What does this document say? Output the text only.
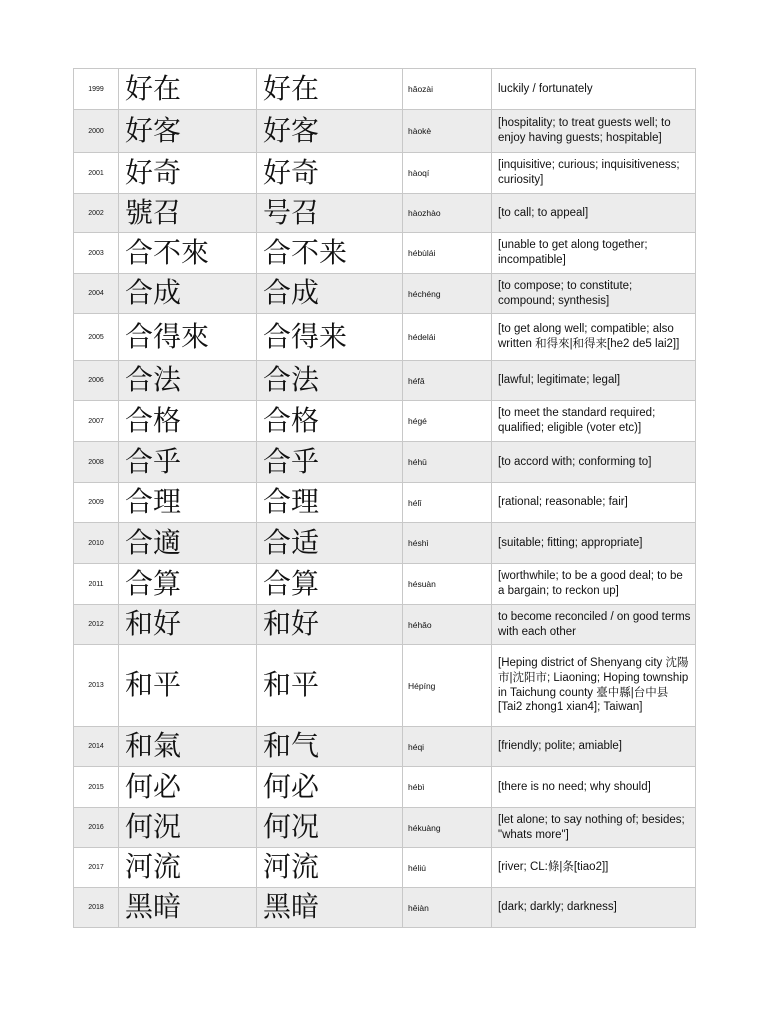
1999	好在	好在	hǎozài	luckily / fortunately
2000	好客	好客	hàokè	[hospitality; to treat guests well; to enjoy having guests; hospitable]
2001	好奇	好奇	hàoqí	[inquisitive; curious; inquisitiveness; curiosity]
2002	號召	号召	hàozhào	[to call; to appeal]
2003	合不來	合不来	hébùlái	[unable to get along together; incompatible]
2004	合成	合成	héchéng	[to compose; to constitute; compound; synthesis]
2005	合得來	合得来	hédelái	[to get along well; compatible; also written 和得來|和得来[he2 de5 lai2]]
2006	合法	合法	héfǎ	[lawful; legitimate; legal]
2007	合格	合格	hégé	[to meet the standard required; qualified; eligible (voter etc)]
2008	合乎	合乎	héhū	[to accord with; conforming to]
2009	合理	合理	hélǐ	[rational; reasonable; fair]
2010	合適	合适	héshì	[suitable; fitting; appropriate]
2011	合算	合算	hésuàn	[worthwhile; to be a good deal; to be a bargain; to reckon up]
2012	和好	和好	héhǎo	to become reconciled / on good terms with each other
2013	和平	和平	Hépíng	[Heping district of Shenyang city 沈陽市|沈阳市; Liaoning; Hoping township in Taichung county 臺中縣|台中县[Tai2 zhong1 xian4]; Taiwan]
2014	和氣	和气	héqi	[friendly; polite; amiable]
2015	何必	何必	hébì	[there is no need; why should]
2016	何況	何况	hékuàng	[let alone; to say nothing of; besides; "whats more"]
2017	河流	河流	héliú	[river; CL:條|条[tiao2]]
2018	黑暗	黑暗	hēiàn	[dark; darkly; darkness]
